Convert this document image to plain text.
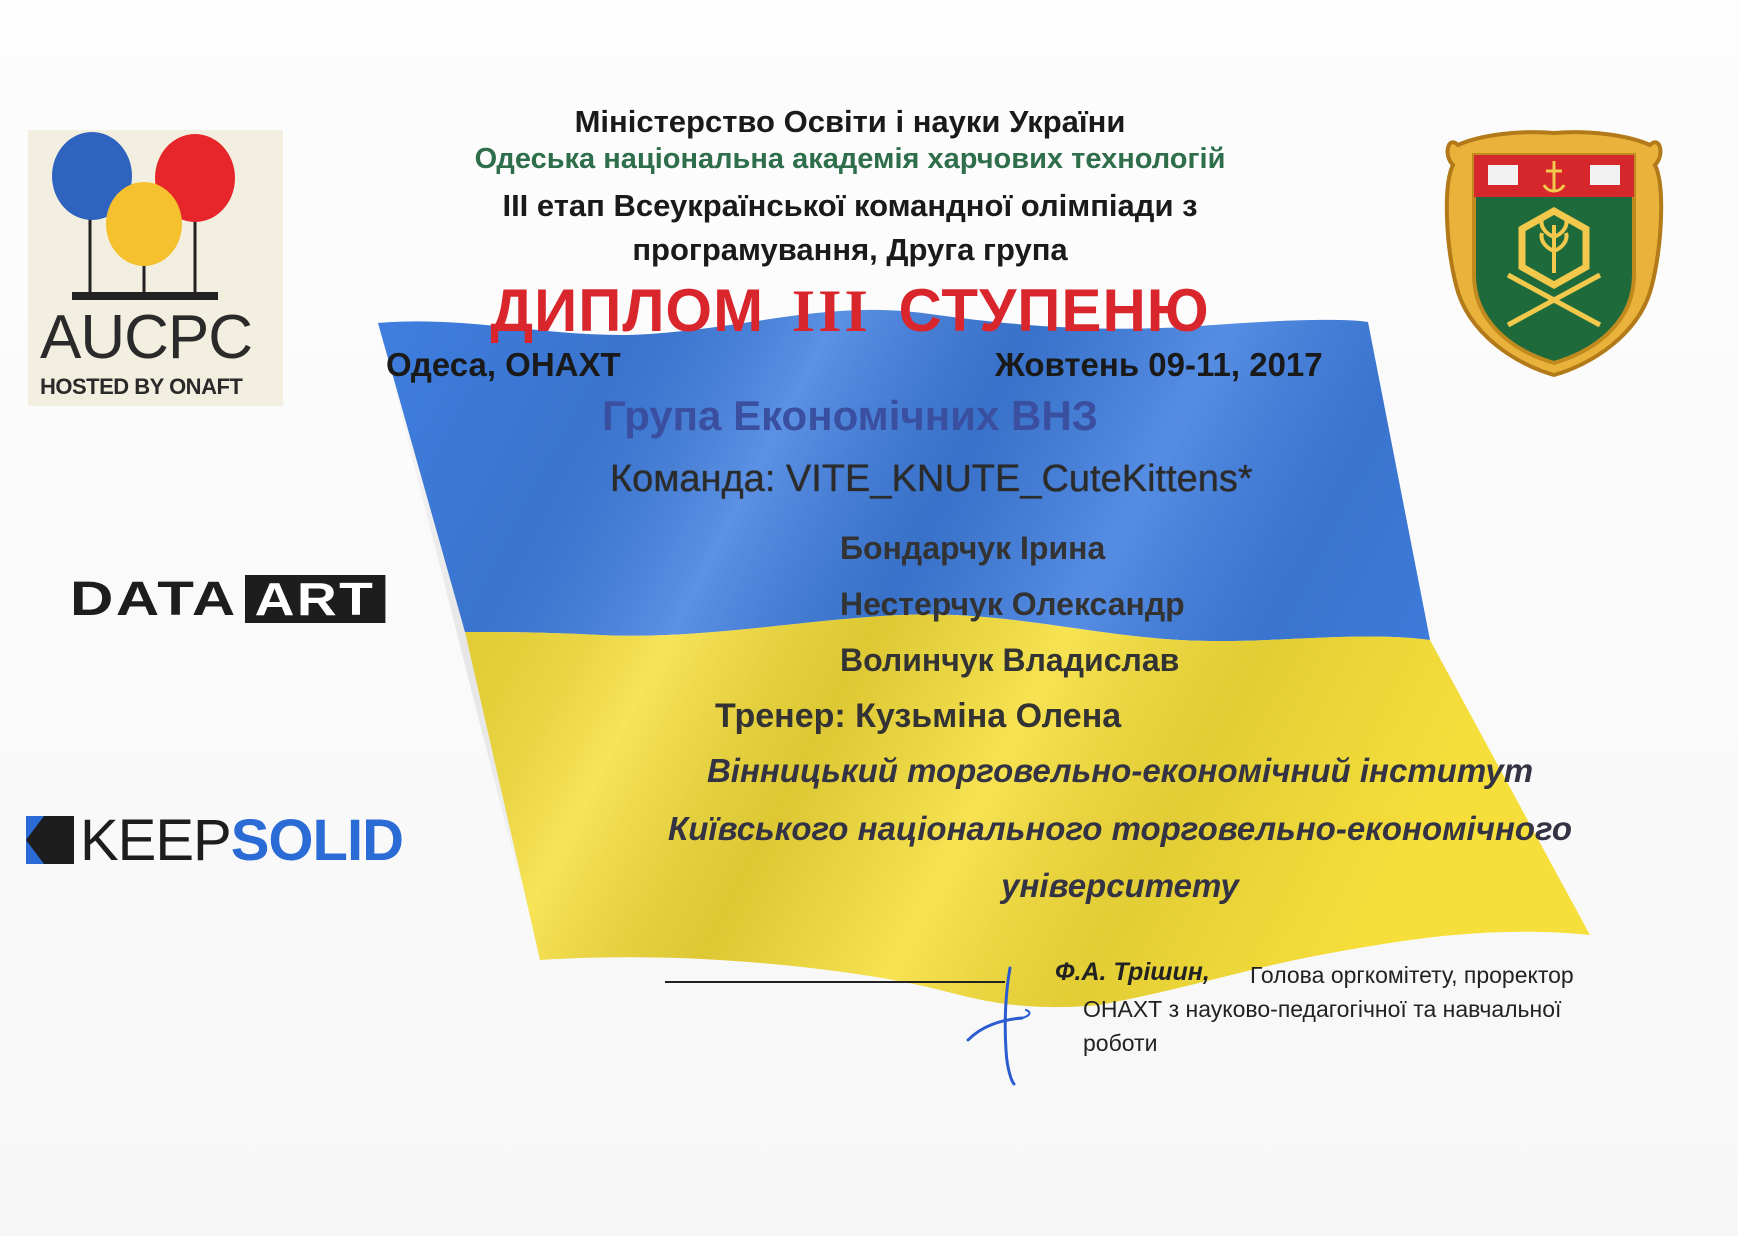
Міністерство Освіти і науки України
Одеська національна академія харчових технологій
ІІІ етап Всеукраїнської командної олімпіади з
програмування, Друга група
ДИПЛОМ III СТУПЕНЮ
Одеса, ОНАХТ	Жовтень 09-11, 2017
Група Економічних ВНЗ
Команда: VITE_KNUTE_CuteKittens*
Бондарчук Ірина
Нестерчук Олександр
Волинчук Владислав
Тренер: Кузьміна Олена
Вінницький торговельно-економічний інститут
Київського національного торговельно-економічного
університету
Ф.А. Трішин, Голова оргкомітету, проректор
ОНАХТ з науково-педагогічної та навчальної
роботи
AUCPC
HOSTED BY ONAFT
DATA ART
KEEP SOLID
